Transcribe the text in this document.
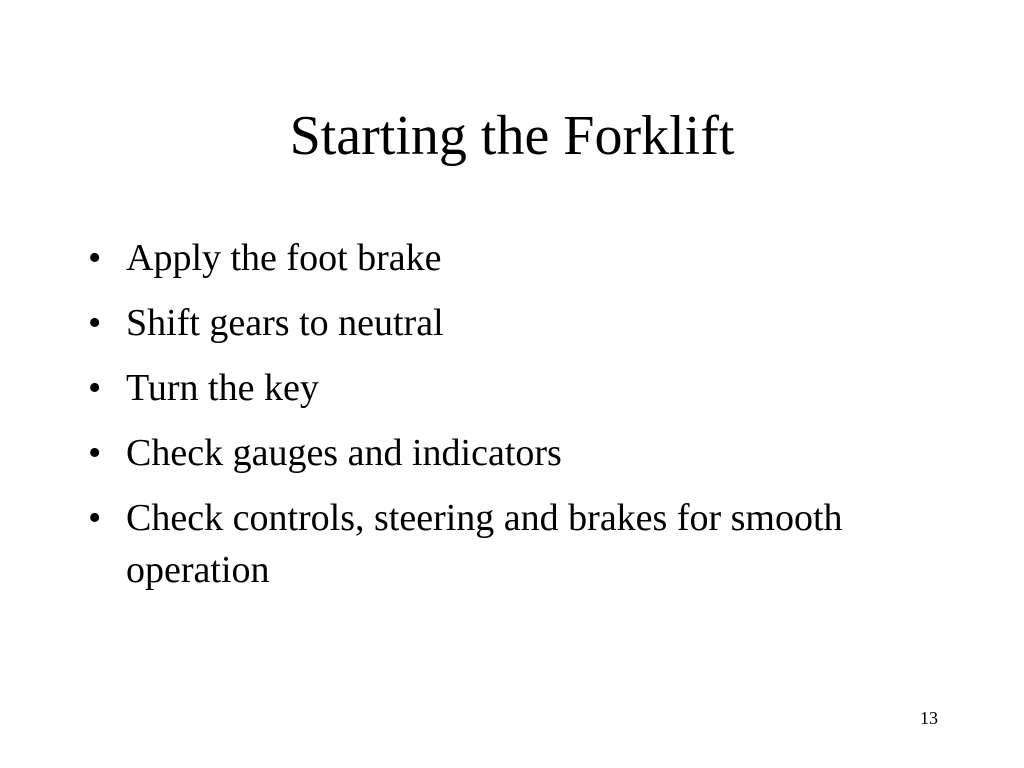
Starting the Forklift
• Apply the foot brake
• Shift gears to neutral
• Turn the key
• Check gauges and indicators
• Check controls, steering and brakes for smooth operation
13
